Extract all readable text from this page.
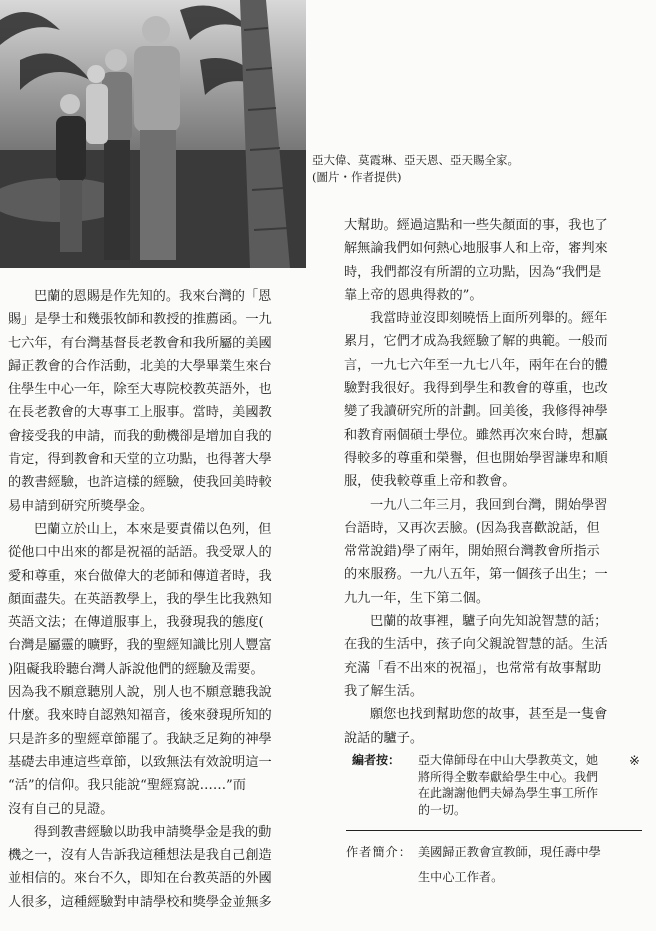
亞大偉、莫霞琳、亞天恩、亞天賜全家。
(圖片・作者提供)
巴蘭的恩賜是作先知的。我來台灣的「恩
賜」是學士和幾張牧師和教授的推薦函。一九
七六年，有台灣基督長老教會和我所屬的美國
歸正教會的合作活動，北美的大學畢業生來台
住學生中心一年，除至大專院校教英語外，也
在長老教會的大專事工上服事。當時，美國教
會接受我的申請，而我的動機卻是增加自我的
肯定，得到教會和天堂的立功點，也得著大學
的教書經驗，也許這樣的經驗，使我回美時較
易申請到研究所獎學金。
巴蘭立於山上，本來是要責備以色列，但
從他口中出來的都是祝福的話語。我受眾人的
愛和尊重，來台做偉大的老師和傳道者時，我
顏面盡失。在英語教學上，我的學生比我熟知
英語文法；在傳道服事上，我發現我的態度(
台灣是屬靈的曠野，我的聖經知識比別人豐富
)阻礙我聆聽台灣人訴說他們的經驗及需要。
因為我不願意聽別人說，別人也不願意聽我說
什麼。我來時自認熟知福音，後來發現所知的
只是許多的聖經章節罷了。我缺乏足夠的神學
基礎去串連這些章節，以致無法有效說明這一
“活”的信仰。我只能說“聖經寫說……”而
沒有自己的見證。
得到教書經驗以助我申請獎學金是我的動
機之一，沒有人告訴我這種想法是我自己創造
並相信的。來台不久，即知在台教英語的外國
人很多，這種經驗對申請學校和獎學金並無多
大幫助。經過這點和一些失顏面的事，我也了
解無論我們如何熱心地服事人和上帝，審判來
時，我們都沒有所謂的立功點，因為“我們是
靠上帝的恩典得救的”。
我當時並沒即刻曉悟上面所列舉的。經年
累月，它們才成為我經驗了解的典範。一般而
言，一九七六年至一九七八年，兩年在台的體
驗對我很好。我得到學生和教會的尊重，也改
變了我讀研究所的計劃。回美後，我修得神學
和教育兩個碩士學位。雖然再次來台時，想贏
得較多的尊重和榮譽，但也開始學習謙卑和順
服，使我較尊重上帝和教會。
一九八二年三月，我回到台灣，開始學習
台語時，又再次丟臉。(因為我喜歡說話，但
常常說錯)學了兩年，開始照台灣教會所指示
的來服務。一九八五年，第一個孩子出生；一
九九一年，生下第二個。
巴蘭的故事裡，驢子向先知說智慧的話；
在我的生活中，孩子向父親說智慧的話。生活
充滿「看不出來的祝福」，也常常有故事幫助
我了解生活。
願您也找到幫助您的故事，甚至是一隻會
說話的驢子。
※
編者按：	亞大偉師母在中山大學教英文，她
將所得全數奉獻給學生中心。我們
在此謝謝他們夫婦為學生事工所作
的一切。
作者簡介： 美國歸正教會宣教師，現任壽中學
生中心工作者。
